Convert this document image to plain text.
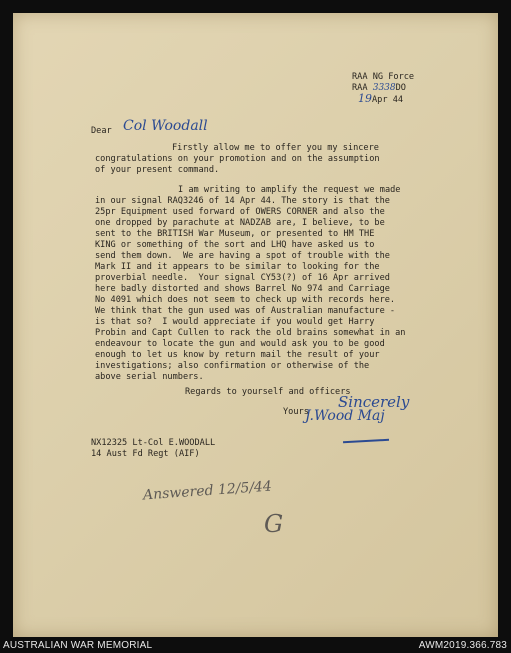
RAA NG Force
RAA 3338DO
19Apr 44
Dear Col Woodall
Firstly allow me to offer you my sincere
congratulations on your promotion and on the assumption
of your present command.
I am writing to amplify the request we made
in our signal RAQ3246 of 14 Apr 44. The story is that the
25pr Equipment used forward of OWERS CORNER and also the
one dropped by parachute at NADZAB are, I believe, to be
sent to the BRITISH War Museum, or presented to HM THE
KING or something of the sort and LHQ have asked us to
send them down.  We are having a spot of trouble with the
Mark II and it appears to be similar to looking for the
proverbial needle.  Your signal CY53(?) of 16 Apr arrived
here badly distorted and shows Barrel No 974 and Carriage
No 4091 which does not seem to check up with records here.
We think that the gun used was of Australian manufacture -
is that so?  I would appreciate if you would get Harry
Probin and Capt Cullen to rack the old brains somewhat in an
endeavour to locate the gun and would ask you to be good
enough to let us know by return mail the result of your
investigations; also confirmation or otherwise of the
above serial numbers.
Regards to yourself and officers
Yours
Sincerely
J.Wood Maj
NX12325 Lt-Col E.WOODALL
14 Aust Fd Regt (AIF)
Answered 12/5/44
G
AUSTRALIAN WAR MEMORIAL	AWM2019.366.783
